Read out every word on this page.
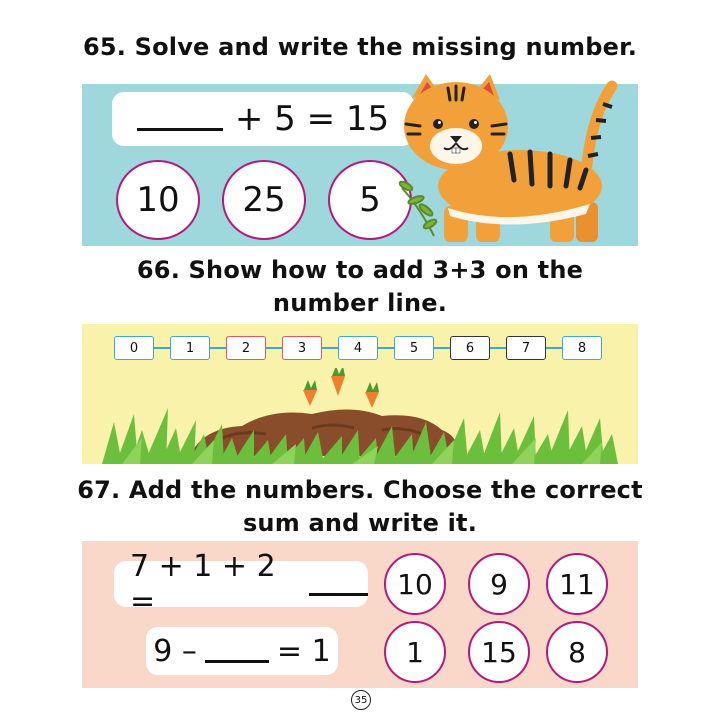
65. Solve and write the missing number.
+ 5 = 15
10	25	5
66. Show how to add 3+3 on the
number line.
0	1	2	3	4	5	6	7	8
67. Add the numbers. Choose the correct
sum and write it.
7 + 1 + 2 =
9 –	= 1
10	9	11
1	15	8
35
